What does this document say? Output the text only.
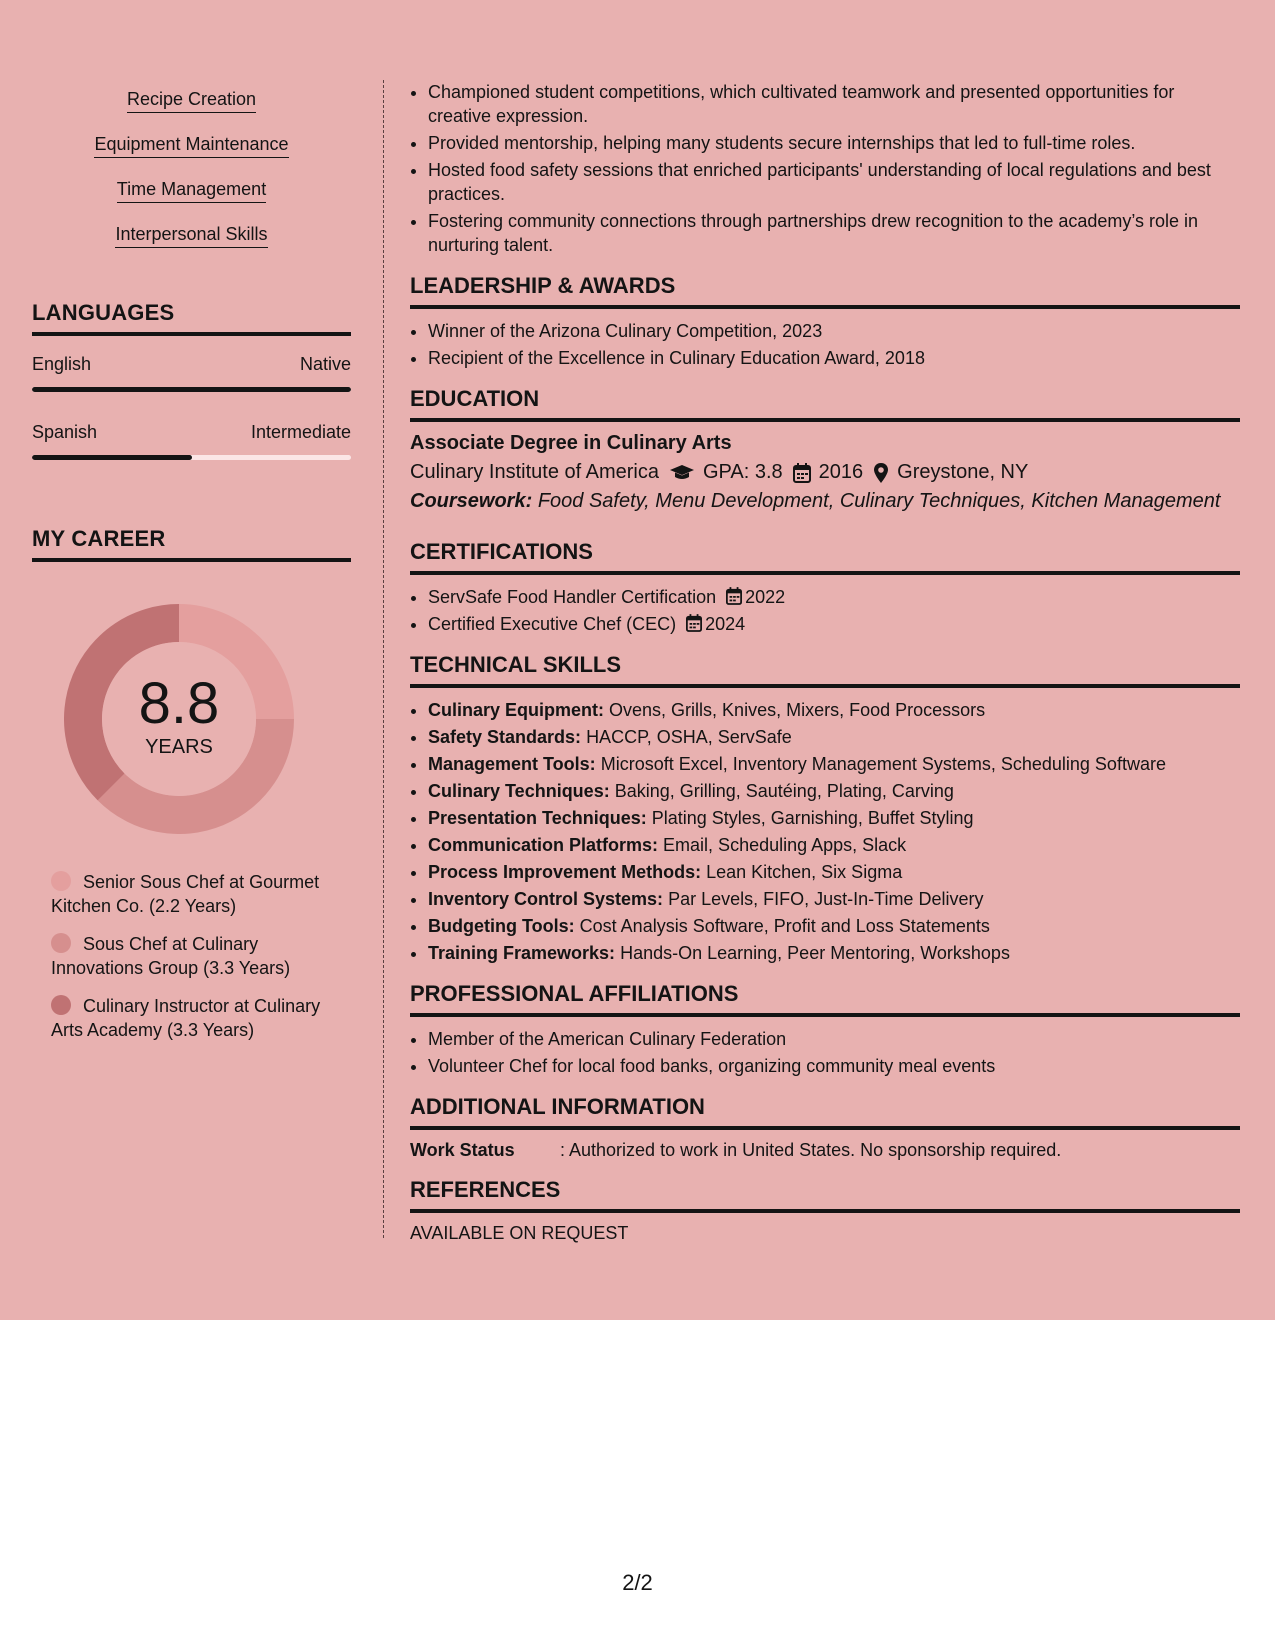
Recipe Creation
Equipment Maintenance
Time Management
Interpersonal Skills
LANGUAGES
English	Native
Spanish	Intermediate
MY CAREER
8.8
YEARS
Senior Sous Chef at Gourmet Kitchen Co. (2.2 Years)
Sous Chef at Culinary Innovations Group (3.3 Years)
Culinary Instructor at Culinary Arts Academy (3.3 Years)
• Championed student competitions, which cultivated teamwork and presented opportunities for creative expression.
• Provided mentorship, helping many students secure internships that led to full-time roles.
• Hosted food safety sessions that enriched participants' understanding of local regulations and best practices.
• Fostering community connections through partnerships drew recognition to the academy’s role in nurturing talent.
LEADERSHIP & AWARDS
• Winner of the Arizona Culinary Competition, 2023
• Recipient of the Excellence in Culinary Education Award, 2018
EDUCATION
Associate Degree in Culinary Arts
Culinary Institute of America GPA: 3.8 2016 Greystone, NY
Coursework: Food Safety, Menu Development, Culinary Techniques, Kitchen Management
CERTIFICATIONS
• ServSafe Food Handler Certification 2022
• Certified Executive Chef (CEC) 2024
TECHNICAL SKILLS
• Culinary Equipment: Ovens, Grills, Knives, Mixers, Food Processors
• Safety Standards: HACCP, OSHA, ServSafe
• Management Tools: Microsoft Excel, Inventory Management Systems, Scheduling Software
• Culinary Techniques: Baking, Grilling, Sautéing, Plating, Carving
• Presentation Techniques: Plating Styles, Garnishing, Buffet Styling
• Communication Platforms: Email, Scheduling Apps, Slack
• Process Improvement Methods: Lean Kitchen, Six Sigma
• Inventory Control Systems: Par Levels, FIFO, Just-In-Time Delivery
• Budgeting Tools: Cost Analysis Software, Profit and Loss Statements
• Training Frameworks: Hands-On Learning, Peer Mentoring, Workshops
PROFESSIONAL AFFILIATIONS
• Member of the American Culinary Federation
• Volunteer Chef for local food banks, organizing community meal events
ADDITIONAL INFORMATION
Work Status	: Authorized to work in United States. No sponsorship required.
REFERENCES
AVAILABLE ON REQUEST
2/2
